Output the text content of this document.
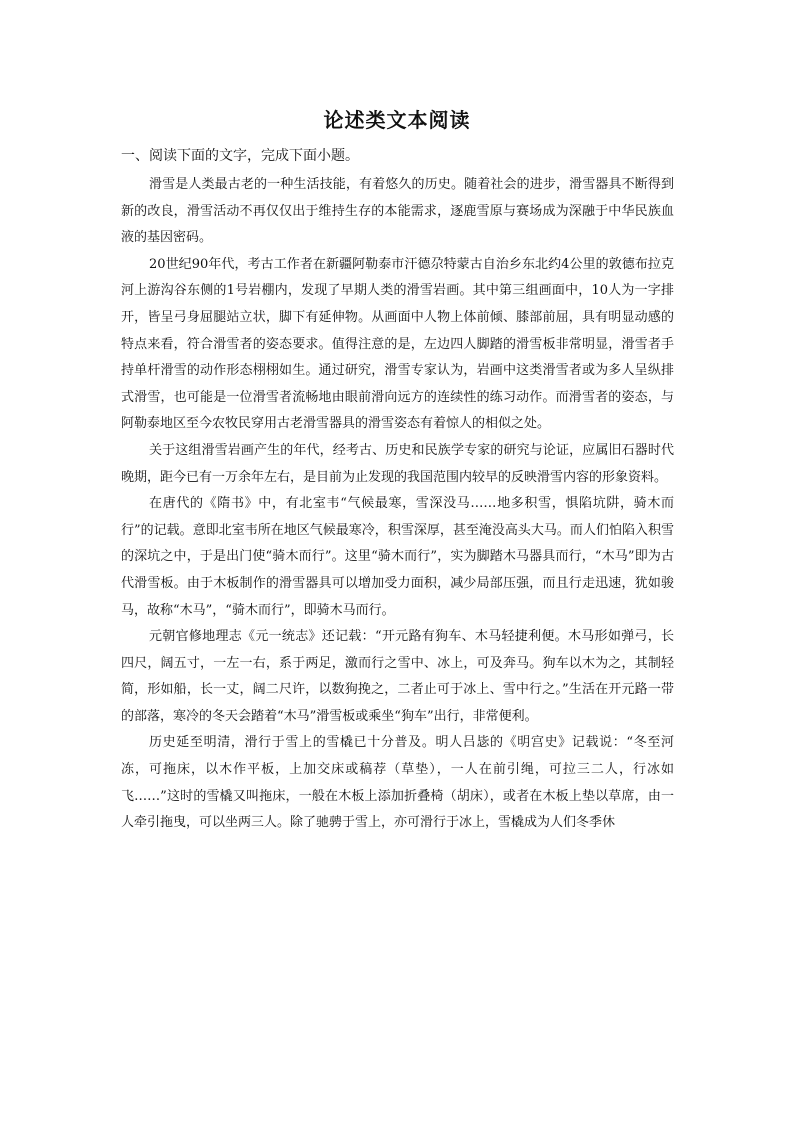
论述类文本阅读
一、阅读下面的文字，完成下面小题。

滑雪是人类最古老的一种生活技能，有着悠久的历史。随着社会的进步，滑雪器具不断得到新的改良，滑雪活动不再仅仅出于维持生存的本能需求，逐鹿雪原与赛场成为深融于中华民族血液的基因密码。

20世纪90年代，考古工作者在新疆阿勒泰市汗德尕特蒙古自治乡东北约4公里的敦德布拉克河上游沟谷东侧的1号岩棚内，发现了早期人类的滑雪岩画。其中第三组画面中，10人为一字排开，皆呈弓身屈腿站立状，脚下有延伸物。从画面中人物上体前倾、膝部前屈，具有明显动感的特点来看，符合滑雪者的姿态要求。值得注意的是，左边四人脚踏的滑雪板非常明显，滑雪者手持单杆滑雪的动作形态栩栩如生。通过研究，滑雪专家认为，岩画中这类滑雪者或为多人呈纵排式滑雪，也可能是一位滑雪者流畅地由眼前滑向远方的连续性的练习动作。而滑雪者的姿态，与阿勒泰地区至今农牧民穿用古老滑雪器具的滑雪姿态有着惊人的相似之处。

关于这组滑雪岩画产生的年代，经考古、历史和民族学专家的研究与论证，应属旧石器时代晚期，距今已有一万余年左右，是目前为止发现的我国范围内较早的反映滑雪内容的形象资料。

在唐代的《隋书》中，有北室韦“气候最寒，雪深没马……地多积雪，惧陷坑阱，骑木而行”的记载。意即北室韦所在地区气候最寒冷，积雪深厚，甚至淹没高头大马。而人们怕陷入积雪的深坑之中，于是出门使“骑木而行”。这里“骑木而行”，实为脚踏木马器具而行，“木马”即为古代滑雪板。由于木板制作的滑雪器具可以增加受力面积，减少局部压强，而且行走迅速，犹如骏马，故称“木马”，“骑木而行”，即骑木马而行。

元朝官修地理志《元一统志》还记载：“开元路有狗车、木马轻捷利便。木马形如弹弓，长四尺，阔五寸，一左一右，系于两足，激而行之雪中、冰上，可及奔马。狗车以木为之，其制轻简，形如船，长一丈，阔二尺许，以数狗挽之，二者止可于冰上、雪中行之。”生活在开元路一带的部落，寒冷的冬天会踏着“木马”滑雪板或乘坐“狗车”出行，非常便利。

历史延至明清，滑行于雪上的雪橇已十分普及。明人吕毖的《明宫史》记载说：“冬至河冻，可拖床，以木作平板，上加交床或稿荐（草垫），一人在前引绳，可拉三二人，行冰如飞……”这时的雪橇又叫拖床，一般在木板上添加折叠椅（胡床），或者在木板上垫以草席，由一人牵引拖曳，可以坐两三人。除了驰骋于雪上，亦可滑行于冰上，雪橇成为人们冬季休
